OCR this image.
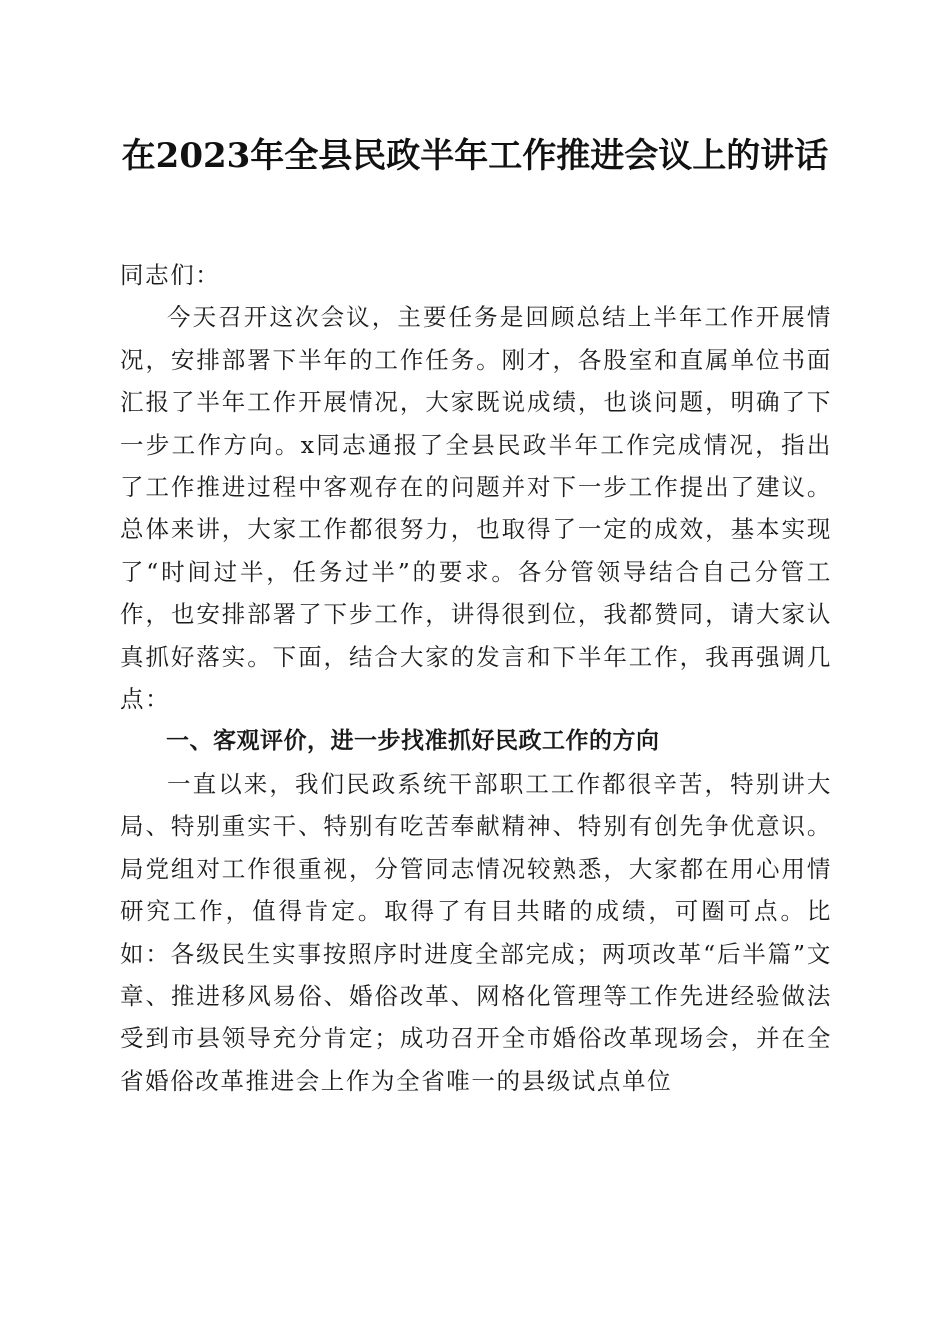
在2023年全县民政半年工作推进会议上的讲话

同志们：

今天召开这次会议，主要任务是回顾总结上半年工作开展情况，安排部署下半年的工作任务。刚才，各股室和直属单位书面汇报了半年工作开展情况，大家既说成绩，也谈问题，明确了下一步工作方向。x同志通报了全县民政半年工作完成情况，指出了工作推进过程中客观存在的问题并对下一步工作提出了建议。总体来讲，大家工作都很努力，也取得了一定的成效，基本实现了“时间过半，任务过半”的要求。各分管领导结合自己分管工作，也安排部署了下步工作，讲得很到位，我都赞同，请大家认真抓好落实。下面，结合大家的发言和下半年工作，我再强调几点：

一、客观评价，进一步找准抓好民政工作的方向

一直以来，我们民政系统干部职工工作都很辛苦，特别讲大局、特别重实干、特别有吃苦奉献精神、特别有创先争优意识。局党组对工作很重视，分管同志情况较熟悉，大家都在用心用情研究工作，值得肯定。取得了有目共睹的成绩，可圈可点。比如：各级民生实事按照序时进度全部完成；两项改革“后半篇”文章、推进移风易俗、婚俗改革、网格化管理等工作先进经验做法受到市县领导充分肯定；成功召开全市婚俗改革现场会，并在全省婚俗改革推进会上作为全省唯一的县级试点单位
